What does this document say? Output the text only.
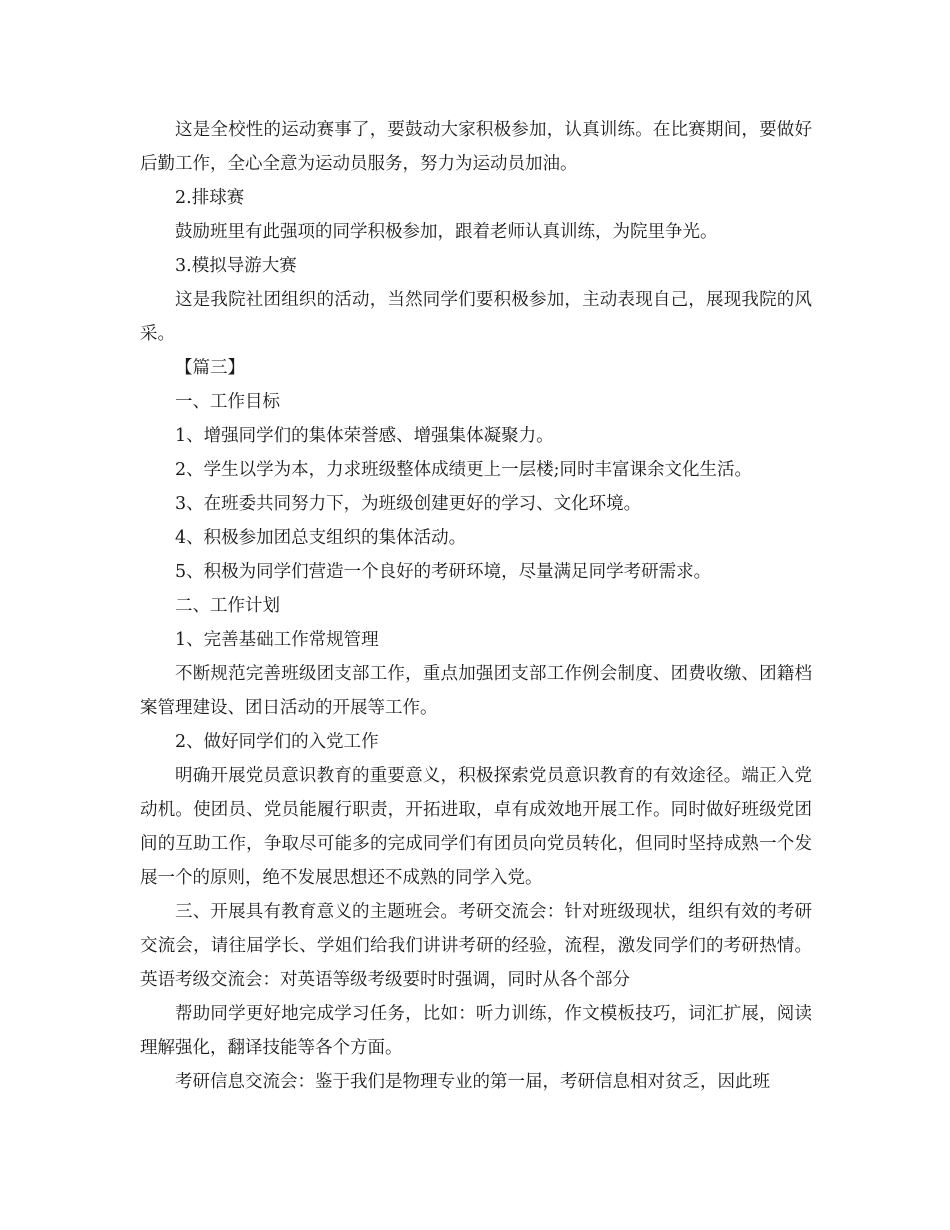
这是全校性的运动赛事了，要鼓动大家积极参加，认真训练。在比赛期间，要做好后勤工作，全心全意为运动员服务，努力为运动员加油。

2.排球赛

鼓励班里有此强项的同学积极参加，跟着老师认真训练，为院里争光。

3.模拟导游大赛

这是我院社团组织的活动，当然同学们要积极参加，主动表现自己，展现我院的风采。

【篇三】

一、工作目标

1、增强同学们的集体荣誉感、增强集体凝聚力。

2、学生以学为本，力求班级整体成绩更上一层楼;同时丰富课余文化生活。

3、在班委共同努力下，为班级创建更好的学习、文化环境。

4、积极参加团总支组织的集体活动。

5、积极为同学们营造一个良好的考研环境，尽量满足同学考研需求。

二、工作计划

1、完善基础工作常规管理

不断规范完善班级团支部工作，重点加强团支部工作例会制度、团费收缴、团籍档案管理建设、团日活动的开展等工作。

2、做好同学们的入党工作

明确开展党员意识教育的重要意义，积极探索党员意识教育的有效途径。端正入党动机。使团员、党员能履行职责，开拓进取，卓有成效地开展工作。同时做好班级党团间的互助工作，争取尽可能多的完成同学们有团员向党员转化，但同时坚持成熟一个发展一个的原则，绝不发展思想还不成熟的同学入党。

三、开展具有教育意义的主题班会。考研交流会：针对班级现状，组织有效的考研交流会，请往届学长、学姐们给我们讲讲考研的经验，流程，激发同学们的考研热情。英语考级交流会：对英语等级考级要时时强调，同时从各个部分

帮助同学更好地完成学习任务，比如：听力训练，作文模板技巧，词汇扩展，阅读理解强化，翻译技能等各个方面。

考研信息交流会：鉴于我们是物理专业的第一届，考研信息相对贫乏，因此班
